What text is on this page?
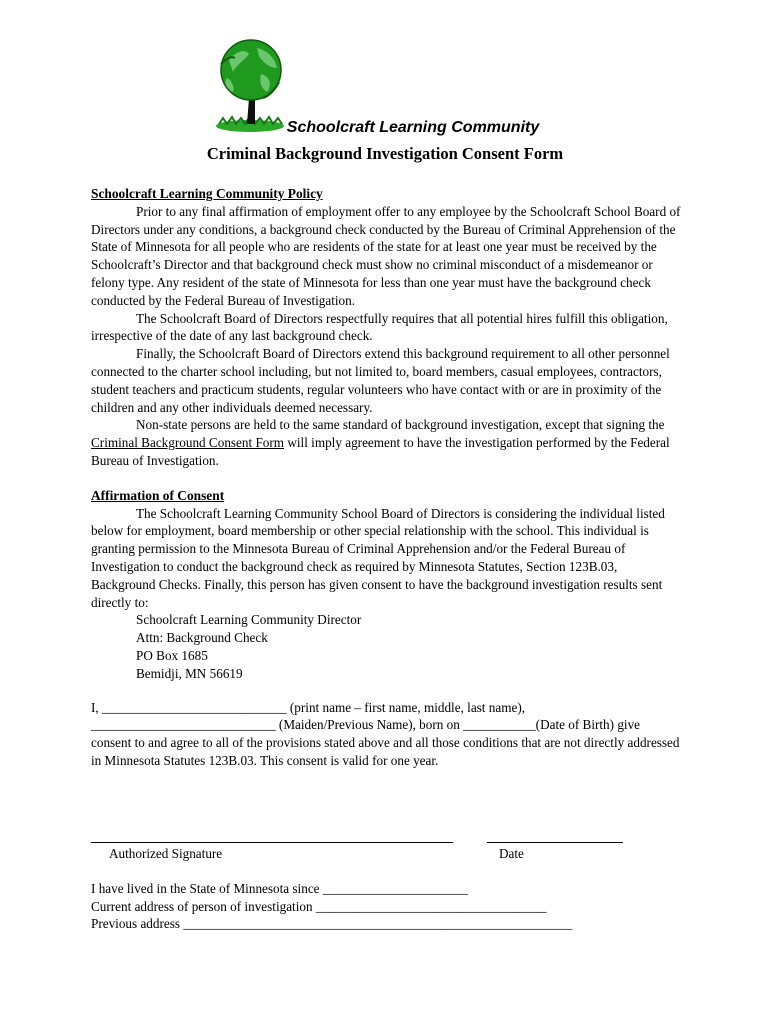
Schoolcraft Learning Community
Criminal Background Investigation Consent Form

Schoolcraft Learning Community Policy

Prior to any final affirmation of employment offer to any employee by the Schoolcraft School Board of Directors under any conditions, a background check conducted by the Bureau of Criminal Apprehension of the State of Minnesota for all people who are residents of the state for at least one year must be received by the Schoolcraft’s Director and that background check must show no criminal misconduct of a misdemeanor or felony type. Any resident of the state of Minnesota for less than one year must have the background check conducted by the Federal Bureau of Investigation.

The Schoolcraft Board of Directors respectfully requires that all potential hires fulfill this obligation, irrespective of the date of any last background check.

Finally, the Schoolcraft Board of Directors extend this background requirement to all other personnel connected to the charter school including, but not limited to, board members, casual employees, contractors, student teachers and practicum students, regular volunteers who have contact with or are in proximity of the children and any other individuals deemed necessary.

Non-state persons are held to the same standard of background investigation, except that signing the Criminal Background Consent Form will imply agreement to have the investigation performed by the Federal Bureau of Investigation.

Affirmation of Consent

The Schoolcraft Learning Community School Board of Directors is considering the individual listed below for employment, board membership or other special relationship with the school. This individual is granting permission to the Minnesota Bureau of Criminal Apprehension and/or the Federal Bureau of Investigation to conduct the background check as required by Minnesota Statutes, Section 123B.03, Background Checks. Finally, this person has given consent to have the background investigation results sent directly to:

Schoolcraft Learning Community Director

Attn: Background Check

PO Box 1685

Bemidji, MN 56619

I, ____________________________ (print name – first name, middle, last name), ____________________________ (Maiden/Previous Name), born on ___________(Date of Birth) give consent to and agree to all of the provisions stated above and all those conditions that are not directly addressed in Minnesota Statutes 123B.03. This consent is valid for one year.

Authorized Signature	Date
I have lived in the State of Minnesota since ______________________
Current address of person of investigation ___________________________________
Previous address ___________________________________________________________
